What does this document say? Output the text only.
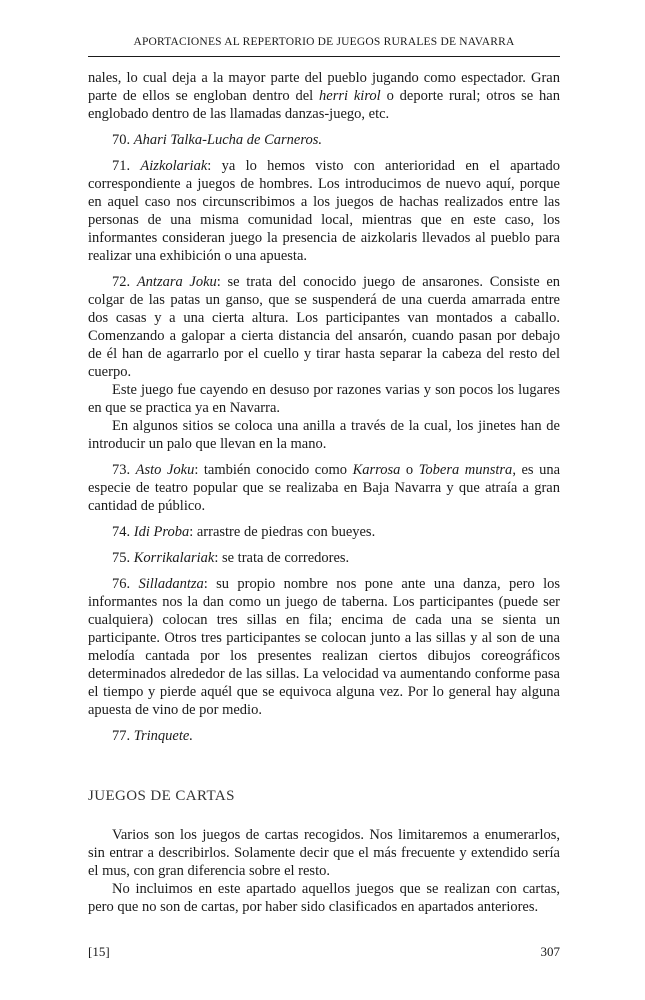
APORTACIONES AL REPERTORIO DE JUEGOS RURALES DE NAVARRA

nales, lo cual deja a la mayor parte del pueblo jugando como espectador. Gran parte de ellos se engloban dentro del herri kirol o deporte rural; otros se han englobado dentro de las llamadas danzas-juego, etc.

70. Ahari Talka-Lucha de Carneros.

71. Aizkolariak: ya lo hemos visto con anterioridad en el apartado correspondiente a juegos de hombres. Los introducimos de nuevo aquí, porque en aquel caso nos circunscribimos a los juegos de hachas realizados entre las personas de una misma comunidad local, mientras que en este caso, los informantes consideran juego la presencia de aizkolaris llevados al pueblo para realizar una exhibición o una apuesta.

72. Antzara Joku: se trata del conocido juego de ansarones. Consiste en colgar de las patas un ganso, que se suspenderá de una cuerda amarrada entre dos casas y a una cierta altura. Los participantes van montados a caballo. Comenzando a galopar a cierta distancia del ansarón, cuando pasan por debajo de él han de agarrarlo por el cuello y tirar hasta separar la cabeza del resto del cuerpo.

Este juego fue cayendo en desuso por razones varias y son pocos los lugares en que se practica ya en Navarra.

En algunos sitios se coloca una anilla a través de la cual, los jinetes han de introducir un palo que llevan en la mano.

73. Asto Joku: también conocido como Karrosa o Tobera munstra, es una especie de teatro popular que se realizaba en Baja Navarra y que atraía a gran cantidad de público.

74. Idi Proba: arrastre de piedras con bueyes.

75. Korrikalariak: se trata de corredores.

76. Silladantza: su propio nombre nos pone ante una danza, pero los informantes nos la dan como un juego de taberna. Los participantes (puede ser cualquiera) colocan tres sillas en fila; encima de cada una se sienta un participante. Otros tres participantes se colocan junto a las sillas y al son de una melodía cantada por los presentes realizan ciertos dibujos coreográficos determinados alrededor de las sillas. La velocidad va aumentando conforme pasa el tiempo y pierde aquél que se equivoca alguna vez. Por lo general hay alguna apuesta de vino de por medio.

77. Trinquete.

JUEGOS DE CARTAS

Varios son los juegos de cartas recogidos. Nos limitaremos a enumerarlos, sin entrar a describirlos. Solamente decir que el más frecuente y extendido sería el mus, con gran diferencia sobre el resto.

No incluimos en este apartado aquellos juegos que se realizan con cartas, pero que no son de cartas, por haber sido clasificados en apartados anteriores.

[15]	307
